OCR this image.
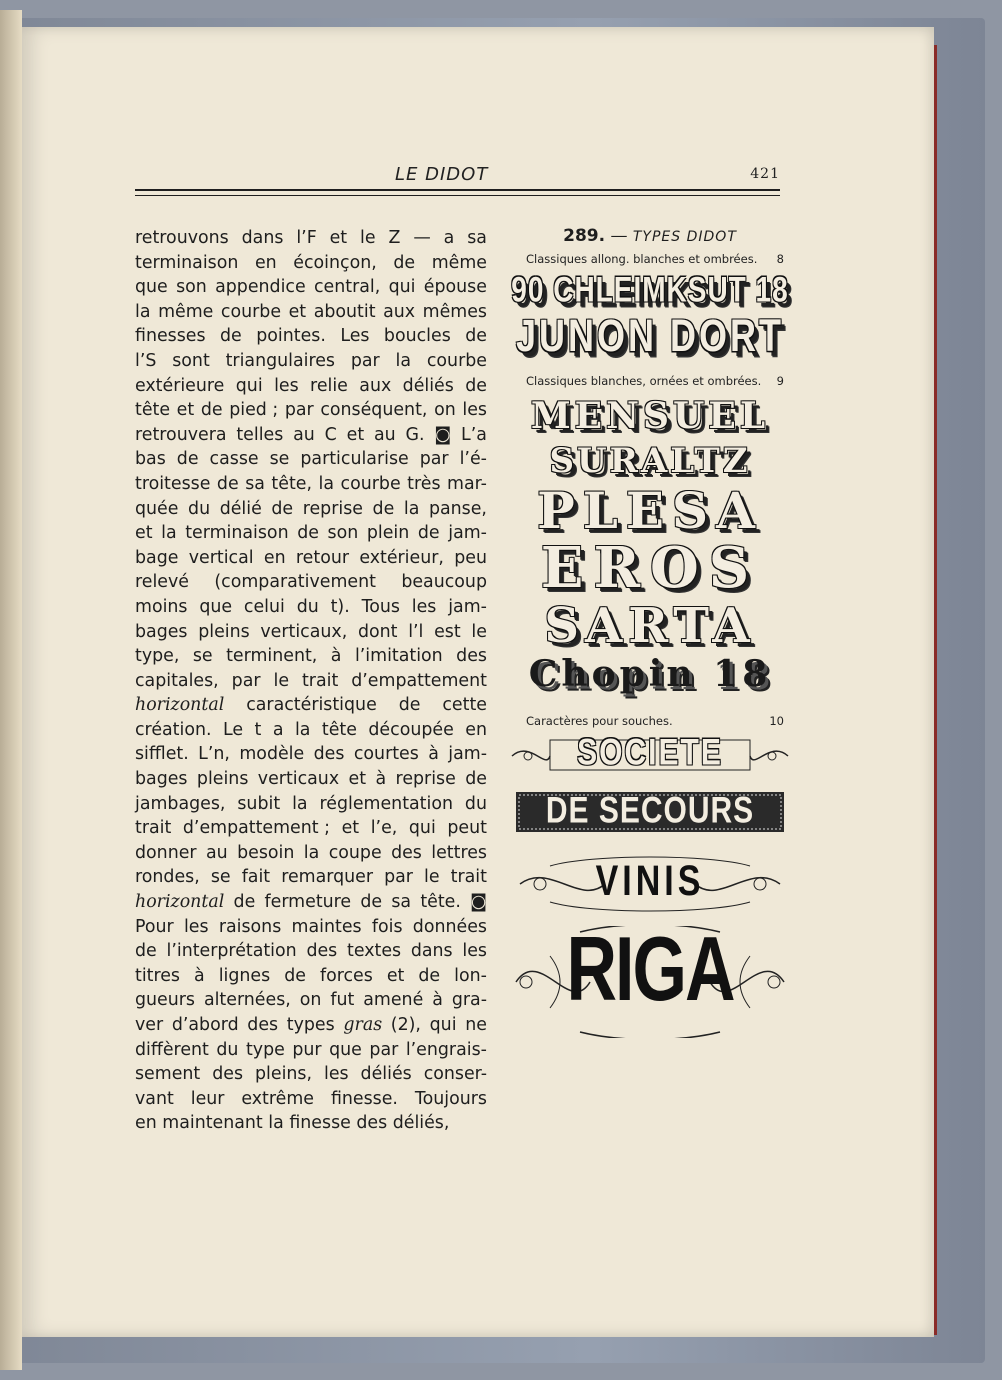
LE DIDOT	421
retrouvons dans l’F et le Z — a sa
terminaison en écoinçon, de même
que son appendice central, qui épouse
la même courbe et aboutit aux mêmes
finesses de pointes. Les boucles de
l’S sont triangulaires par la courbe
extérieure qui les relie aux déliés de
tête et de pied ; par conséquent, on les
retrouvera telles au C et au G. ◙ L’a
bas de casse se particularise par l’é-
troitesse de sa tête, la courbe très mar-
quée du délié de reprise de la panse,
et la terminaison de son plein de jam-
bage vertical en retour extérieur, peu
relevé (comparativement beaucoup
moins que celui du t). Tous les jam-
bages pleins verticaux, dont l’l est le
type, se terminent, à l’imitation des
capitales, par le trait d’empattement
horizontal caractéristique de cette
création. Le t a la tête découpée en
sifflet. L’n, modèle des courtes à jam-
bages pleins verticaux et à reprise de
jambages, subit la réglementation du
trait d’empattement ; et l’e, qui peut
donner au besoin la coupe des lettres
rondes, se fait remarquer par le trait
horizontal de fermeture de sa tête. ◙
Pour les raisons maintes fois données
de l’interprétation des textes dans les
titres à lignes de forces et de lon-
gueurs alternées, on fut amené à gra-
ver d’abord des types gras (2), qui ne
diffèrent du type pur que par l’engrais-
sement des pleins, les déliés conser-
vant leur extrême finesse. Toujours
en
maintenant
la
finesse
des
déliés,
289. — TYPES DIDOT
Classiques allong. blanches et ombrées. 8
90 CHLEIMKSUT 18
JUNON DORT
Classiques blanches, ornées et ombrées. 9
MENSUEL
SURALTZ
PLESA
EROS
SARTA
Chopin 18
Caractères pour souches.	10
SOCIETE
DE SECOURS
VINIS
RIGA
